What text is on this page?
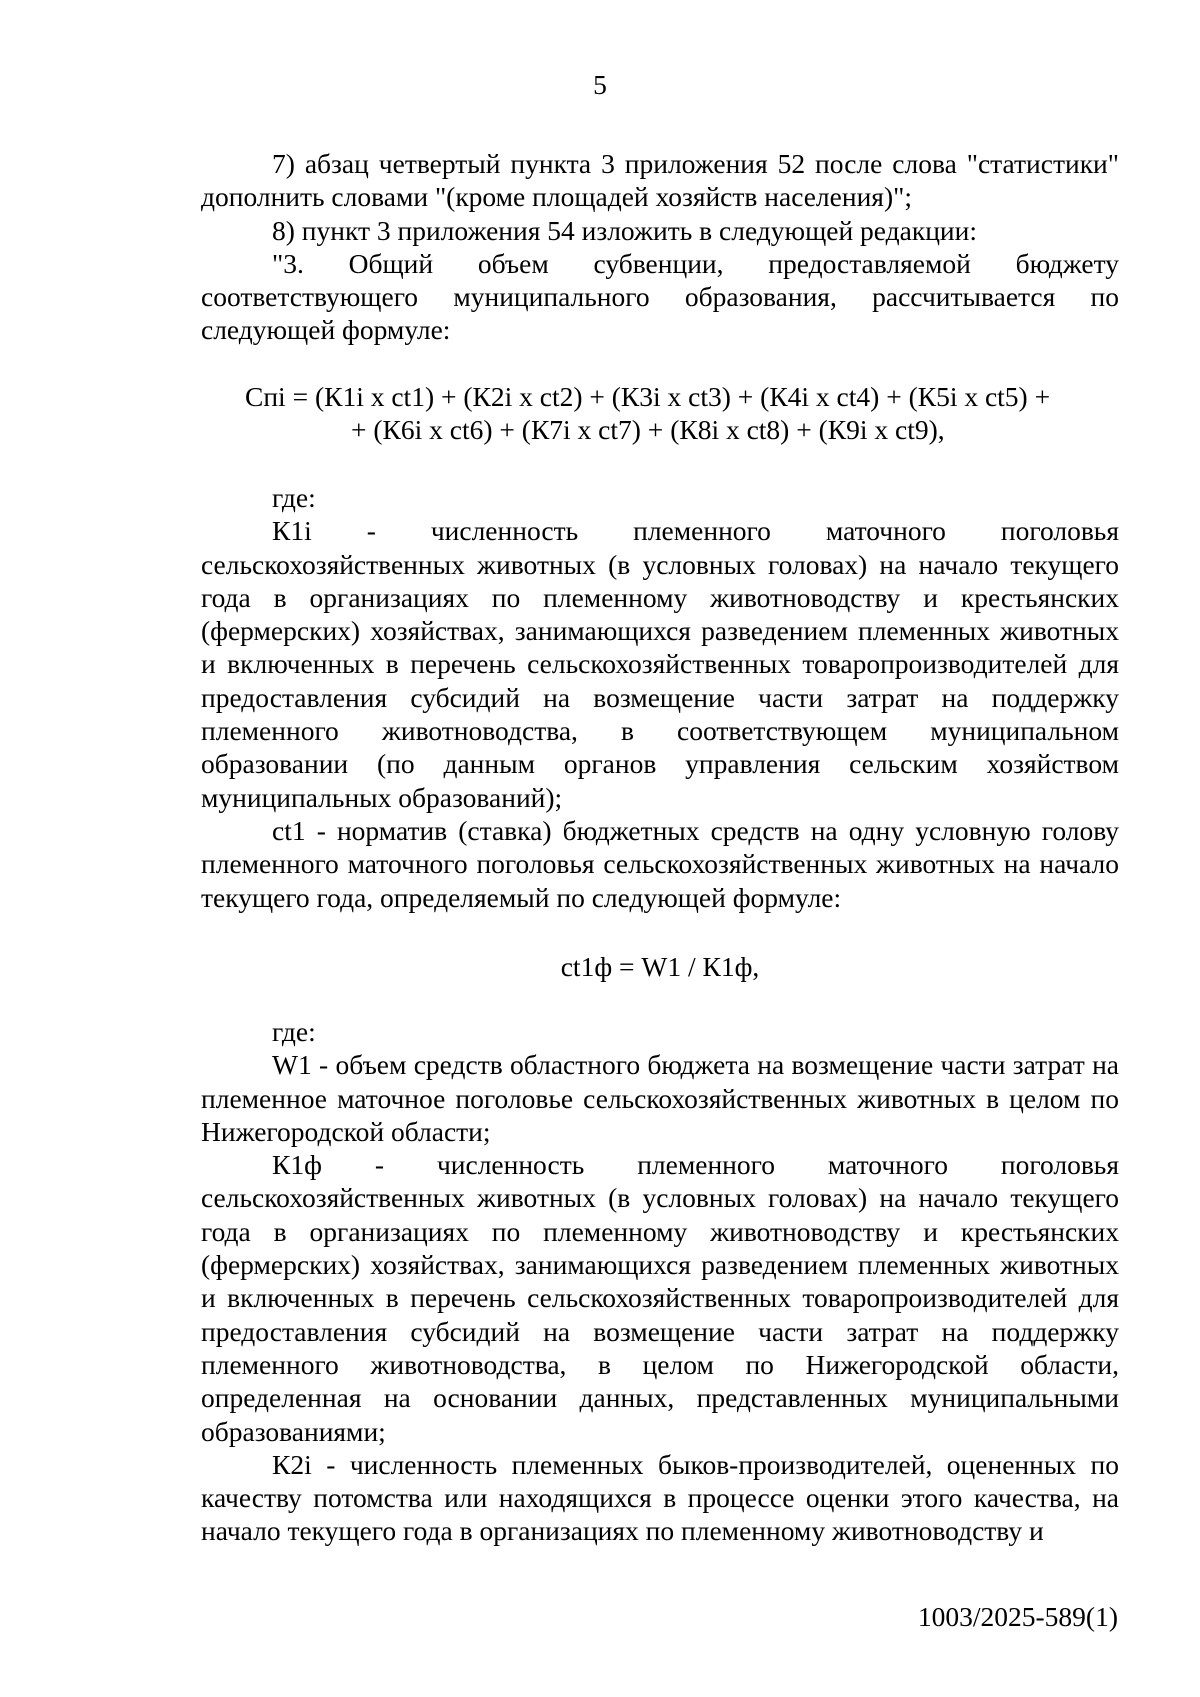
5

7) абзац четвертый пункта 3 приложения 52 после слова "статистики" дополнить словами "(кроме площадей хозяйств населения)";

8) пункт 3 приложения 54 изложить в следующей редакции:

"3. Общий объем субвенции, предоставляемой бюджету соответствующего муниципального образования, рассчитывается по следующей формуле:

Cпi = (К1i х ct1) + (К2i х ct2) + (К3i х ct3) + (К4i х ct4) + (К5i х ct5) +

+ (К6i х ct6) + (К7i х ct7) + (К8i х ct8) + (К9i х ct9),

где:

К1i - численность племенного маточного поголовья сельскохозяйственных животных (в условных головах) на начало текущего года в организациях по племенному животноводству и крестьянских (фермерских) хозяйствах, занимающихся разведением племенных животных и включенных в перечень сельскохозяйственных товаропроизводителей для предоставления субсидий на возмещение части затрат на поддержку племенного животноводства, в соответствующем муниципальном образовании (по данным органов управления сельским хозяйством муниципальных образований);

ct1 - норматив (ставка) бюджетных средств на одну условную голову племенного маточного поголовья сельскохозяйственных животных на начало текущего года, определяемый по следующей формуле:

ct1ф = W1 / К1ф,

где:

W1 - объем средств областного бюджета на возмещение части затрат на племенное маточное поголовье сельскохозяйственных животных в целом по Нижегородской области;

К1ф - численность племенного маточного поголовья сельскохозяйственных животных (в условных головах) на начало текущего года в организациях по племенному животноводству и крестьянских (фермерских) хозяйствах, занимающихся разведением племенных животных и включенных в перечень сельскохозяйственных товаропроизводителей для предоставления субсидий на возмещение части затрат на поддержку племенного животноводства, в целом по Нижегородской области, определенная на основании данных, представленных муниципальными образованиями;

К2i - численность племенных быков-производителей, оцененных по качеству потомства или находящихся в процессе оценки этого качества, на начало текущего года в организациях по племенному животноводству и

1003/2025-589(1)
